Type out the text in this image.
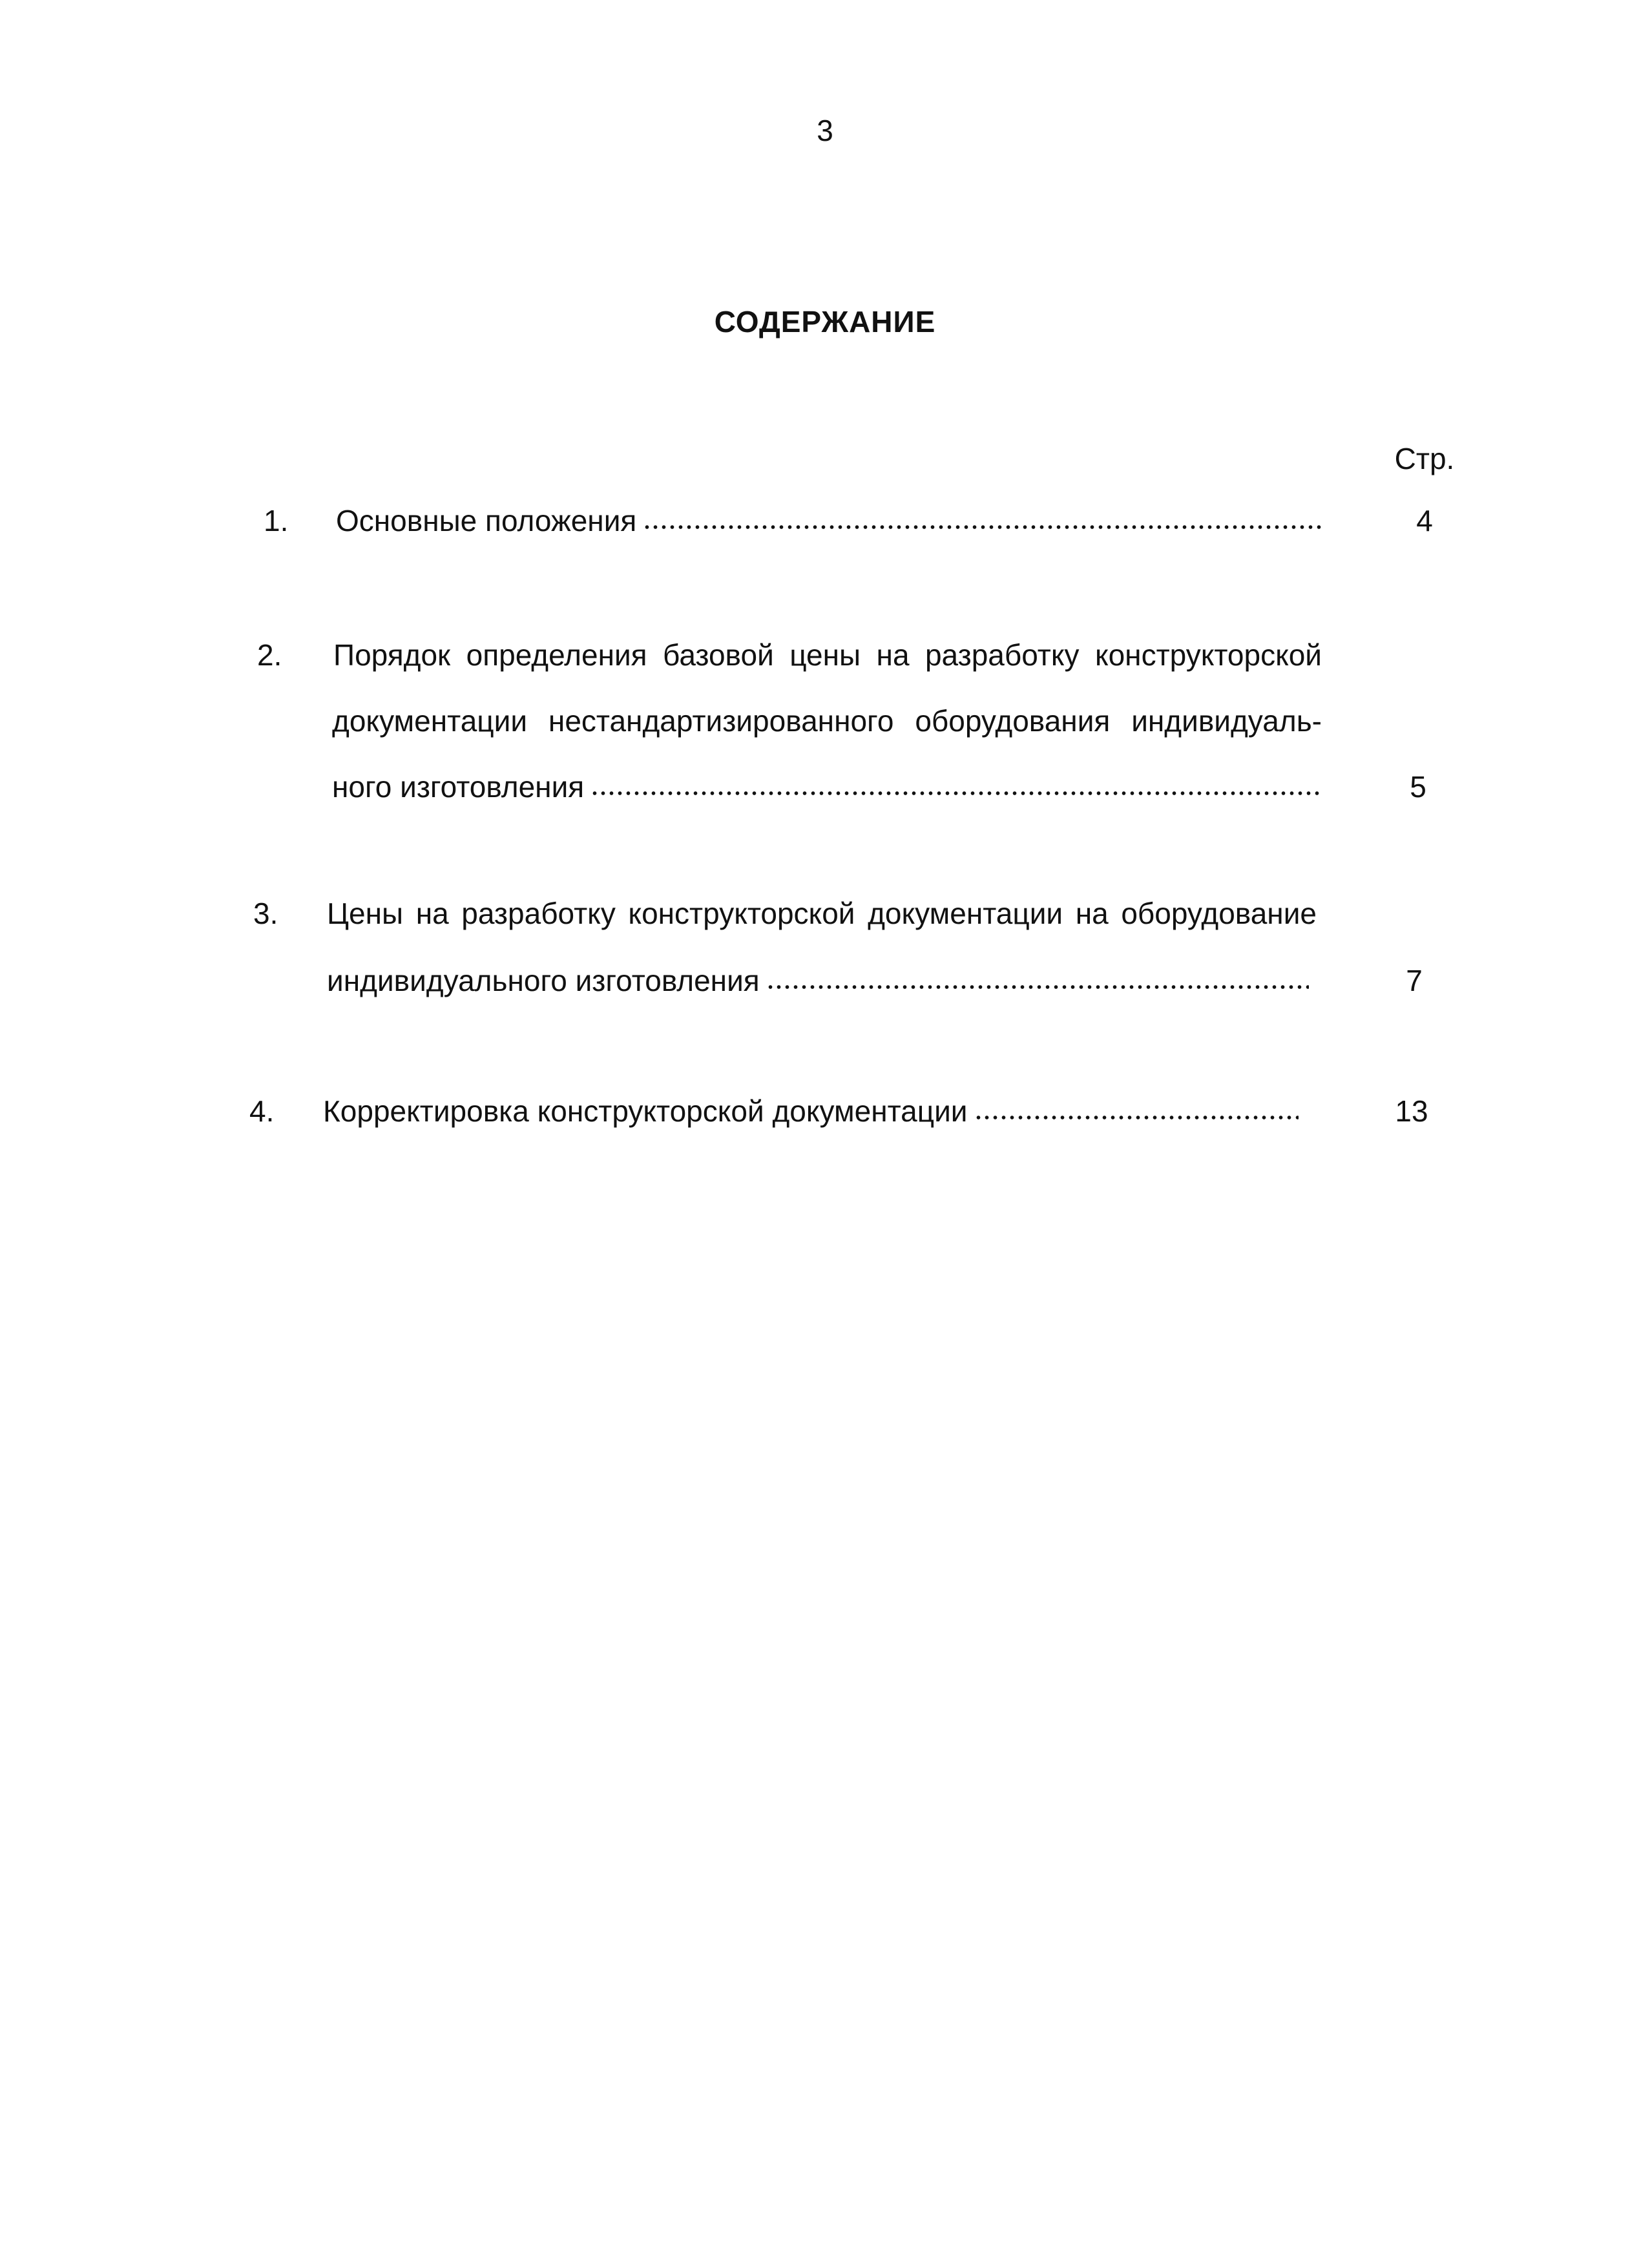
3
СОДЕРЖАНИЕ
Стр.
1. Основные положения	4
2. Порядок определения базовой цены на разработку конструкторской
документации нестандартизированного оборудования индивидуаль-
ного изготовления	5
3. Цены на разработку конструкторской документации на оборудование
индивидуального изготовления	7
4. Корректировка конструкторской документации	13
